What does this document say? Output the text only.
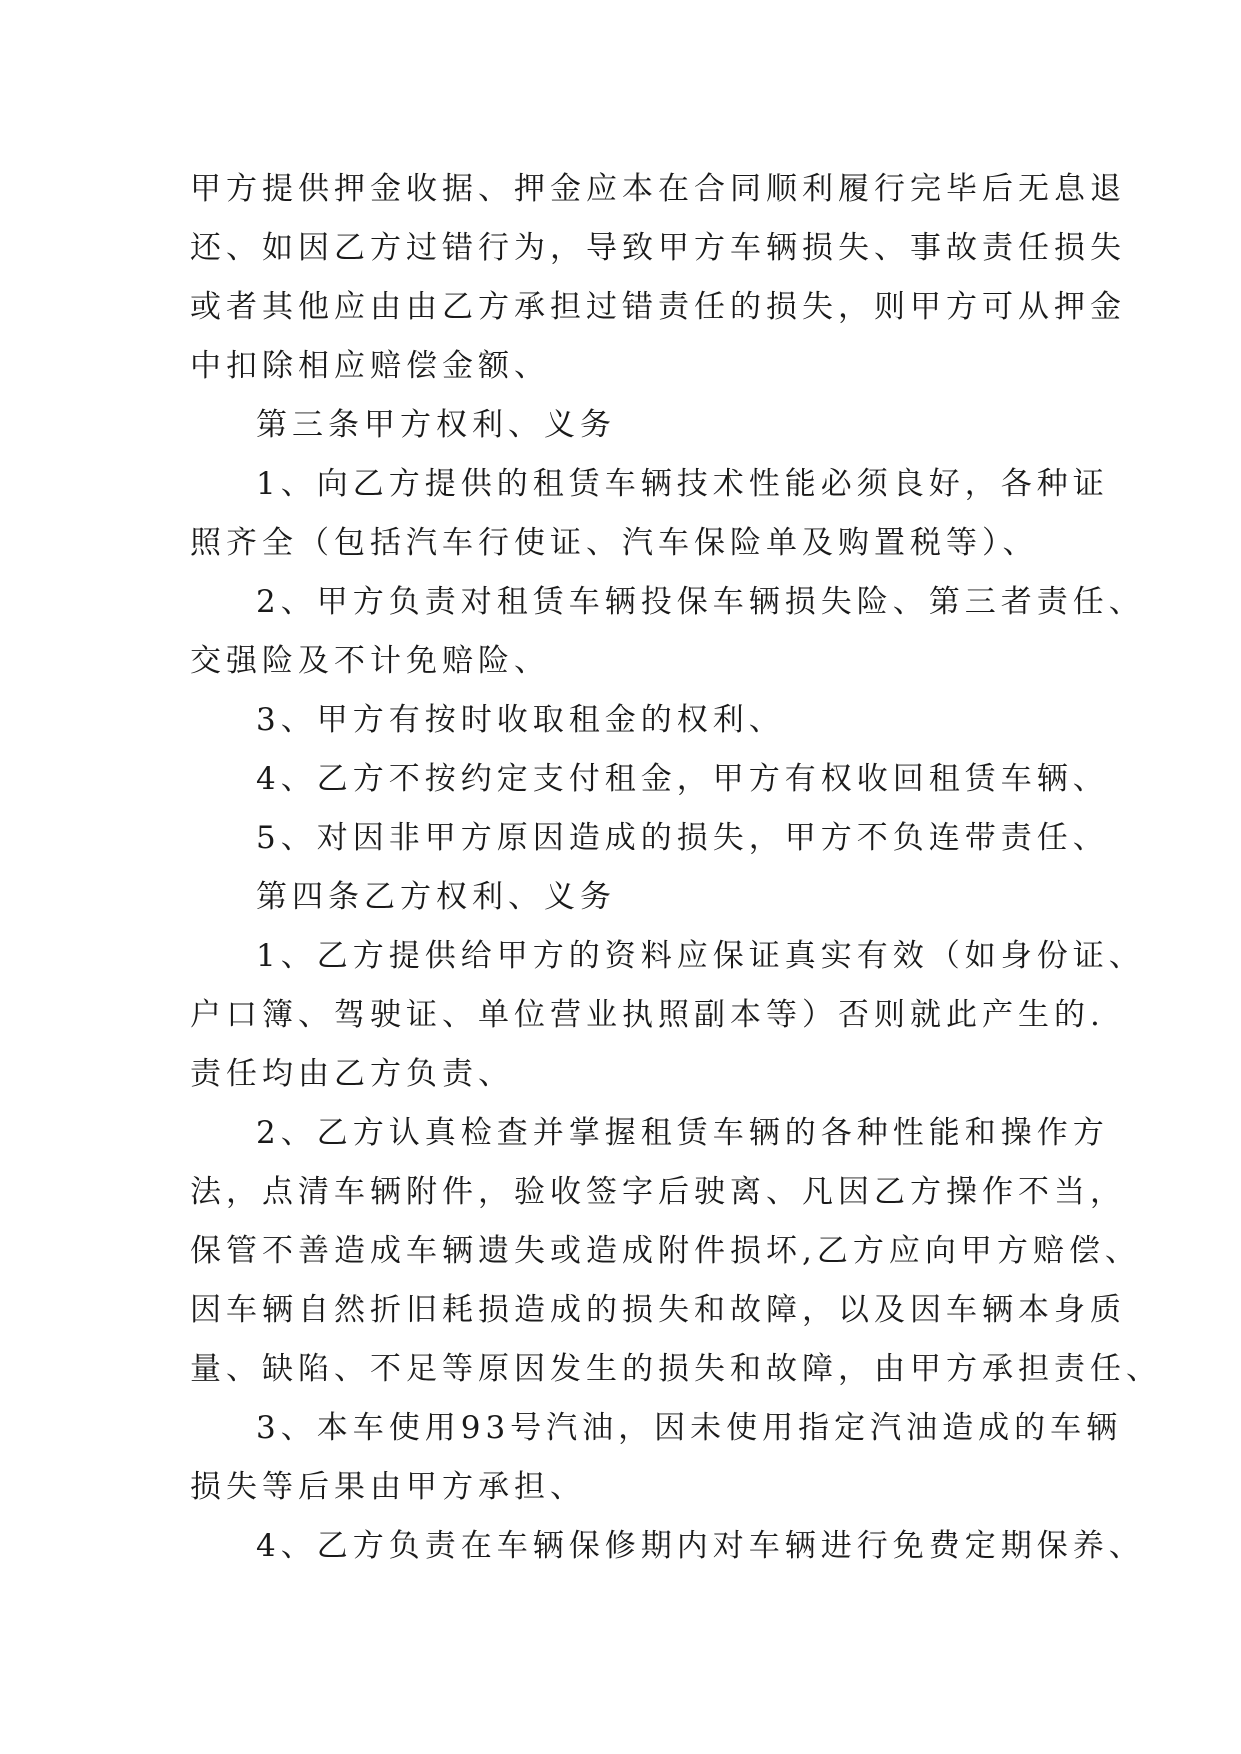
甲方提供押金收据、押金应本在合同顺利履行完毕后无息退
还、如因乙方过错行为，导致甲方车辆损失、事故责任损失
或者其他应由由乙方承担过错责任的损失，则甲方可从押金
中扣除相应赔偿金额、
第三条甲方权利、义务
1、向乙方提供的租赁车辆技术性能必须良好，各种证
照齐全（包括汽车行使证、汽车保险单及购置税等）、
2、甲方负责对租赁车辆投保车辆损失险、第三者责任、
交强险及不计免赔险、
3、甲方有按时收取租金的权利、
4、乙方不按约定支付租金，甲方有权收回租赁车辆、
5、对因非甲方原因造成的损失，甲方不负连带责任、
第四条乙方权利、义务
1、乙方提供给甲方的资料应保证真实有效（如身份证、
户口簿、驾驶证、单位营业执照副本等）否则就此产生的.
责任均由乙方负责、
2、乙方认真检查并掌握租赁车辆的各种性能和操作方
法，点清车辆附件，验收签字后驶离、凡因乙方操作不当，
保管不善造成车辆遗失或造成附件损坏,乙方应向甲方赔偿、
因车辆自然折旧耗损造成的损失和故障，以及因车辆本身质
量、缺陷、不足等原因发生的损失和故障，由甲方承担责任、
3、本车使用93号汽油，因未使用指定汽油造成的车辆
损失等后果由甲方承担、
4、乙方负责在车辆保修期内对车辆进行免费定期保养、
